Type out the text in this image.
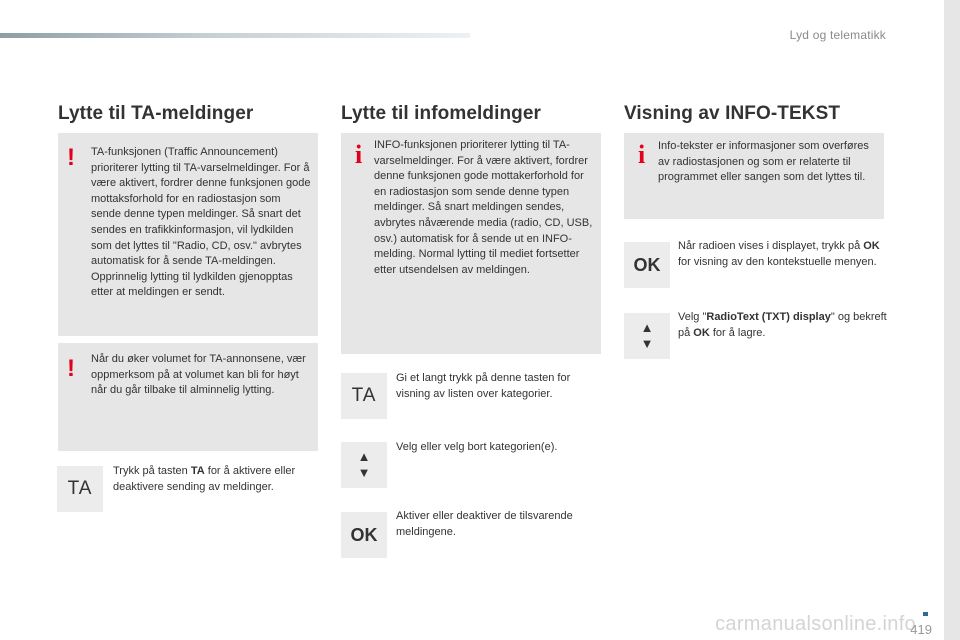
Lyd og telematikk
carmanualsonline.info
419
Lytte til TA-meldinger
! TA-funksjonen (Traffic Announcement) prioriterer lytting til TA-varselmeldinger. For å være aktivert, fordrer denne funksjonen gode mottaksforhold for en radiostasjon som sende denne typen meldinger. Så snart det sendes en trafikkinformasjon, vil lydkilden som det lyttes til "Radio, CD, osv." avbrytes automatisk for å sende TA-meldingen. Opprinnelig lytting til lydkilden gjenopptas etter at meldingen er sendt.
! Når du øker volumet for TA-annonsene, vær oppmerksom på at volumet kan bli for høyt når du går tilbake til alminnelig lytting.
TA
Trykk på tasten TA for å aktivere eller deaktivere sending av meldinger.
Lytte til infomeldinger
i INFO-funksjonen prioriterer lytting til TA-varselmeldinger. For å være aktivert, fordrer denne funksjonen gode mottakerforhold for en radiostasjon som sende denne typen meldinger. Så snart meldingen sendes, avbrytes nåværende media (radio, CD, USB, osv.) automatisk for å sende ut en INFO-melding. Normal lytting til mediet fortsetter etter utsendelsen av meldingen.
TA
Gi et langt trykk på denne tasten for visning av listen over kategorier.
▲
▼
Velg eller velg bort kategorien(e).
OK
Aktiver eller deaktiver de tilsvarende meldingene.
Visning av INFO-TEKST
i Info-tekster er informasjoner som overføres av radiostasjonen og som er relaterte til programmet eller sangen som det lyttes til.
OK
Når radioen vises i displayet, trykk på OK for visning av den kontekstuelle menyen.
▲
▼
Velg "RadioText (TXT) display" og bekreft på OK for å lagre.
